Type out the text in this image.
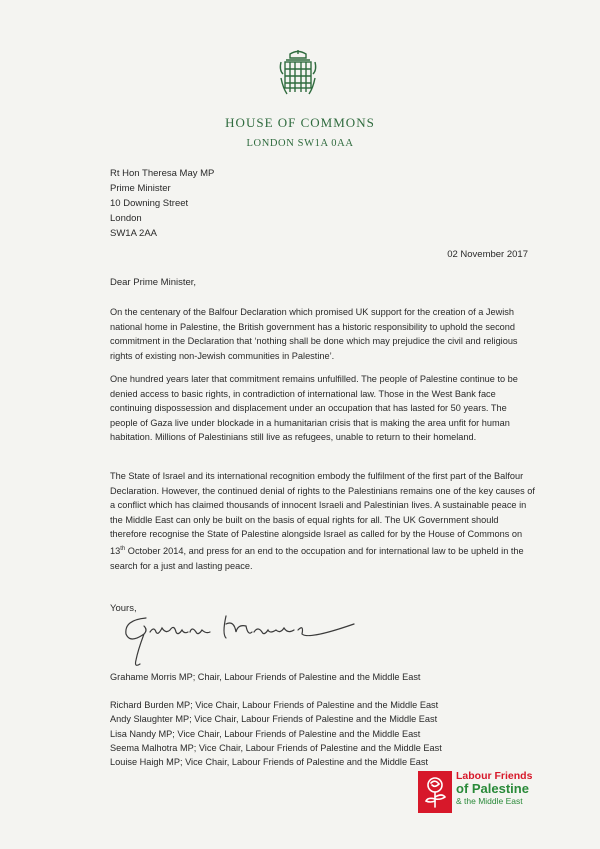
HOUSE OF COMMONS
LONDON SW1A 0AA
Rt Hon Theresa May MP
Prime Minister
10 Downing Street
London
SW1A 2AA
02 November 2017
Dear Prime Minister,

On the centenary of the Balfour Declaration which promised UK support for the creation of a Jewish national home in Palestine, the British government has a historic responsibility to uphold the second commitment in the Declaration that ‘nothing shall be done which may prejudice the civil and religious rights of existing non-Jewish communities in Palestine’.

One hundred years later that commitment remains unfulfilled. The people of Palestine continue to be denied access to basic rights, in contradiction of international law. Those in the West Bank face continuing dispossession and displacement under an occupation that has lasted for 50 years. The people of Gaza live under blockade in a humanitarian crisis that is making the area unfit for human habitation. Millions of Palestinians still live as refugees, unable to return to their homeland.

The State of Israel and its international recognition embody the fulfilment of the first part of the Balfour Declaration. However, the continued denial of rights to the Palestinians remains one of the key causes of a conflict which has claimed thousands of innocent Israeli and Palestinian lives. A sustainable peace in the Middle East can only be built on the basis of equal rights for all. The UK Government should therefore recognise the State of Palestine alongside Israel as called for by the House of Commons on 13th October 2014, and press for an end to the occupation and for international law to be upheld in the search for a just and lasting peace.

Yours,
Grahame Morris MP; Chair, Labour Friends of Palestine and the Middle East
Richard Burden MP; Vice Chair, Labour Friends of Palestine and the Middle East
Andy Slaughter MP; Vice Chair, Labour Friends of Palestine and the Middle East
Lisa Nandy MP; Vice Chair, Labour Friends of Palestine and the Middle East
Seema Malhotra MP; Vice Chair, Labour Friends of Palestine and the Middle East
Louise Haigh MP; Vice Chair, Labour Friends of Palestine and the Middle East
Labour Friends
of Palestine
& the Middle East
